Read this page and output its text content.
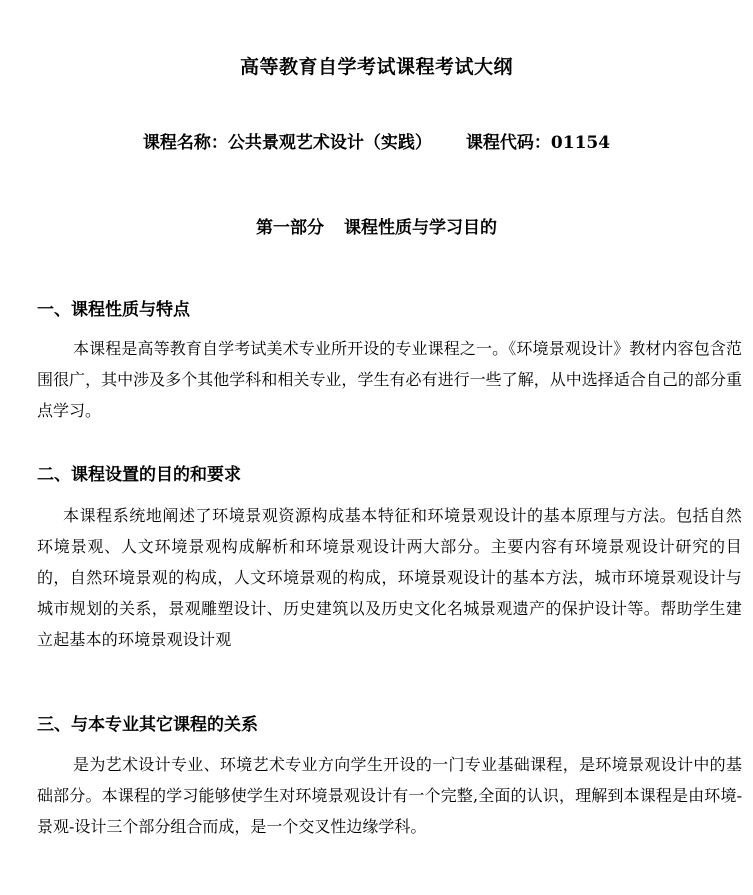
高等教育自学考试课程考试大纲
课程名称：公共景观艺术设计（实践） 课程代码：01154
第一部分 课程性质与学习目的
一、课程性质与特点
本课程是高等教育自学考试美术专业所开设的专业课程之一。《环境景观设计》教材内容包含范围很广，其中涉及多个其他学科和相关专业，学生有必有进行一些了解，从中选择适合自己的部分重点学习。
二、课程设置的目的和要求
本课程系统地阐述了环境景观资源构成基本特征和环境景观设计的基本原理与方法。包括自然环境景观、人文环境景观构成解析和环境景观设计两大部分。主要内容有环境景观设计研究的目的，自然环境景观的构成，人文环境景观的构成，环境景观设计的基本方法，城市环境景观设计与城市规划的关系，景观雕塑设计、历史建筑以及历史文化名城景观遗产的保护设计等。帮助学生建立起基本的环境景观设计观
三、与本专业其它课程的关系
是为艺术设计专业、环境艺术专业方向学生开设的一门专业基础课程，是环境景观设计中的基础部分。本课程的学习能够使学生对环境景观设计有一个完整,全面的认识，理解到本课程是由环境-景观-设计三个部分组合而成，是一个交叉性边缘学科。
